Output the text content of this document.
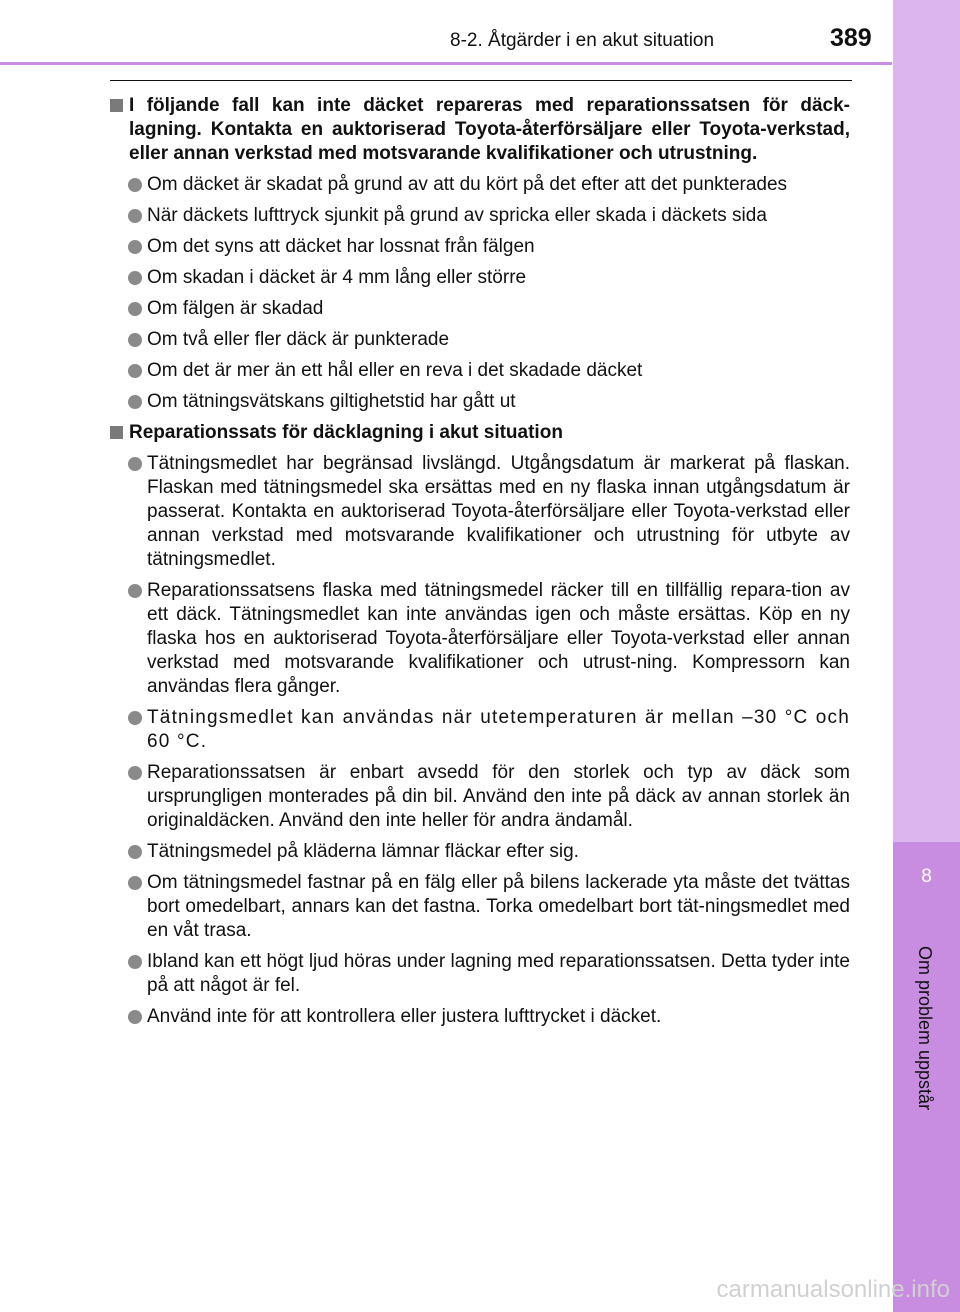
8-2. Åtgärder i en akut situation	389
8
Om problem uppstår
I följande fall kan inte däcket repareras med reparationssatsen för däck-lagning. Kontakta en auktoriserad Toyota-återförsäljare eller Toyota-verkstad, eller annan verkstad med motsvarande kvalifikationer och utrustning.
Om däcket är skadat på grund av att du kört på det efter att det punkterades
När däckets lufttryck sjunkit på grund av spricka eller skada i däckets sida
Om det syns att däcket har lossnat från fälgen
Om skadan i däcket är 4 mm lång eller större
Om fälgen är skadad
Om två eller fler däck är punkterade
Om det är mer än ett hål eller en reva i det skadade däcket
Om tätningsvätskans giltighetstid har gått ut
Reparationssats för däcklagning i akut situation
Tätningsmedlet har begränsad livslängd. Utgångsdatum är markerat på flaskan. Flaskan med tätningsmedel ska ersättas med en ny flaska innan utgångsdatum är passerat. Kontakta en auktoriserad Toyota-återförsäljare eller Toyota-verkstad eller annan verkstad med motsvarande kvalifikationer och utrustning för utbyte av tätningsmedlet.
Reparationssatsens flaska med tätningsmedel räcker till en tillfällig repara-tion av ett däck. Tätningsmedlet kan inte användas igen och måste ersättas. Köp en ny flaska hos en auktoriserad Toyota-återförsäljare eller Toyota-verkstad eller annan verkstad med motsvarande kvalifikationer och utrust-ning. Kompressorn kan användas flera gånger.
Tätningsmedlet kan användas när utetemperaturen är mellan –30 °C och 60 °C.
Reparationssatsen är enbart avsedd för den storlek och typ av däck som ursprungligen monterades på din bil. Använd den inte på däck av annan storlek än originaldäcken. Använd den inte heller för andra ändamål.
Tätningsmedel på kläderna lämnar fläckar efter sig.
Om tätningsmedel fastnar på en fälg eller på bilens lackerade yta måste det tvättas bort omedelbart, annars kan det fastna. Torka omedelbart bort tät-ningsmedlet med en våt trasa.
Ibland kan ett högt ljud höras under lagning med reparationssatsen. Detta tyder inte på att något är fel.
Använd inte för att kontrollera eller justera lufttrycket i däcket.
carmanualsonline.info
